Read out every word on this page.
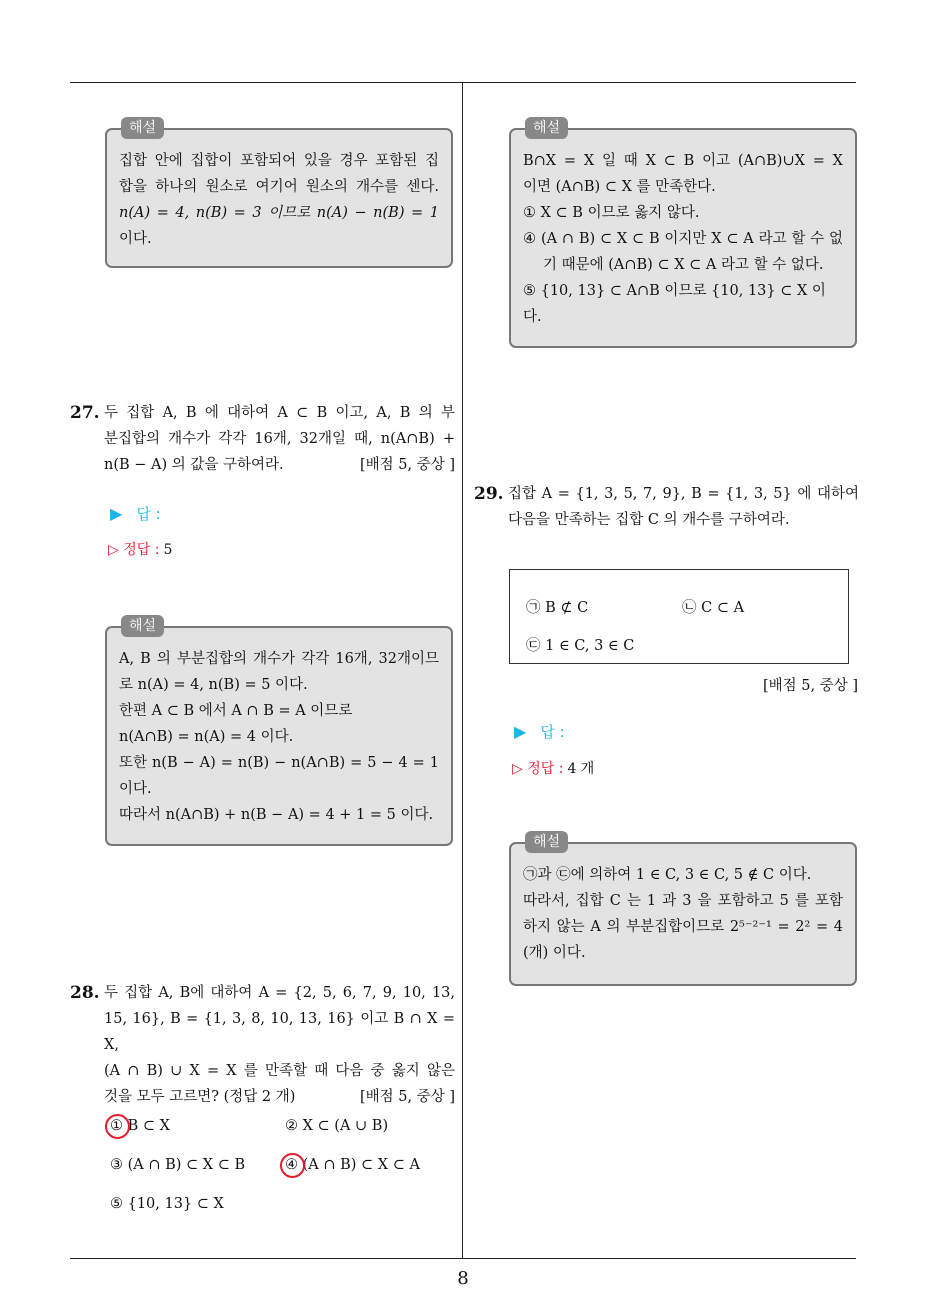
해설

집합 안에 집합이 포함되어 있을 경우 포함된 집

합을 하나의 원소로 여기어 원소의 개수를 센다.

n(A) = 4, n(B) = 3 이므로 n(A) − n(B) = 1

이다.

해설

B∩X = X 일 때 X ⊂ B 이고 (A∩B)∪X = X

이면 (A∩B) ⊂ X 를 만족한다.

① X ⊂ B 이므로 옳지 않다.

④ (A ∩ B) ⊂ X ⊂ B 이지만 X ⊂ A 라고 할 수 없기 때문에 (A∩B) ⊂ X ⊂ A 라고 할 수 없다.

⑤ {10, 13} ⊂ A∩B 이므로 {10, 13} ⊂ X 이다.

27. 두 집합 A, B 에 대하여 A ⊂ B 이고, A, B 의 부
분집합의 개수가 각각 16개, 32개일 때, n(A∩B) +
n(B − A) 의 값을 구하여라.	[배점 5, 중상 ]
▶ 답 :
▷ 정답 : 5
해설

A, B 의 부분집합의 개수가 각각 16개, 32개이므

로 n(A) = 4, n(B) = 5 이다.

한편 A ⊂ B 에서 A ∩ B = A 이므로

n(A∩B) = n(A) = 4 이다.

또한 n(B − A) = n(B) − n(A∩B) = 5 − 4 = 1

이다.

따라서 n(A∩B) + n(B − A) = 4 + 1 = 5 이다.

28. 두 집합 A, B에 대하여 A = {2, 5, 6, 7, 9, 10, 13,
15, 16}, B = {1, 3, 8, 10, 13, 16} 이고 B ∩ X = X,
(A ∩ B) ∪ X = X 를 만족할 때 다음 중 옳지 않은
것을 모두 고르면? (정답 2 개)	[배점 5, 중상 ]
① B ⊂ X	② X ⊂ (A ∪ B)
③ (A ∩ B) ⊂ X ⊂ B	④ (A ∩ B) ⊂ X ⊂ A
⑤ {10, 13} ⊂ X
29. 집합 A = {1, 3, 5, 7, 9}, B = {1, 3, 5} 에 대하여
다음을 만족하는 집합 C 의 개수를 구하여라.
㉠ B ⊄ C	㉡ C ⊂ A
㉢ 1 ∈ C, 3 ∈ C
[배점 5, 중상 ]
▶ 답 :
▷ 정답 : 4 개
해설

㉠과 ㉢에 의하여 1 ∈ C, 3 ∈ C, 5 ∉ C 이다.

따라서, 집합 C 는 1 과 3 을 포함하고 5 를 포함

하지 않는 A 의 부분집합이므로 2⁵⁻²⁻¹ = 2² = 4

(개) 이다.

8
